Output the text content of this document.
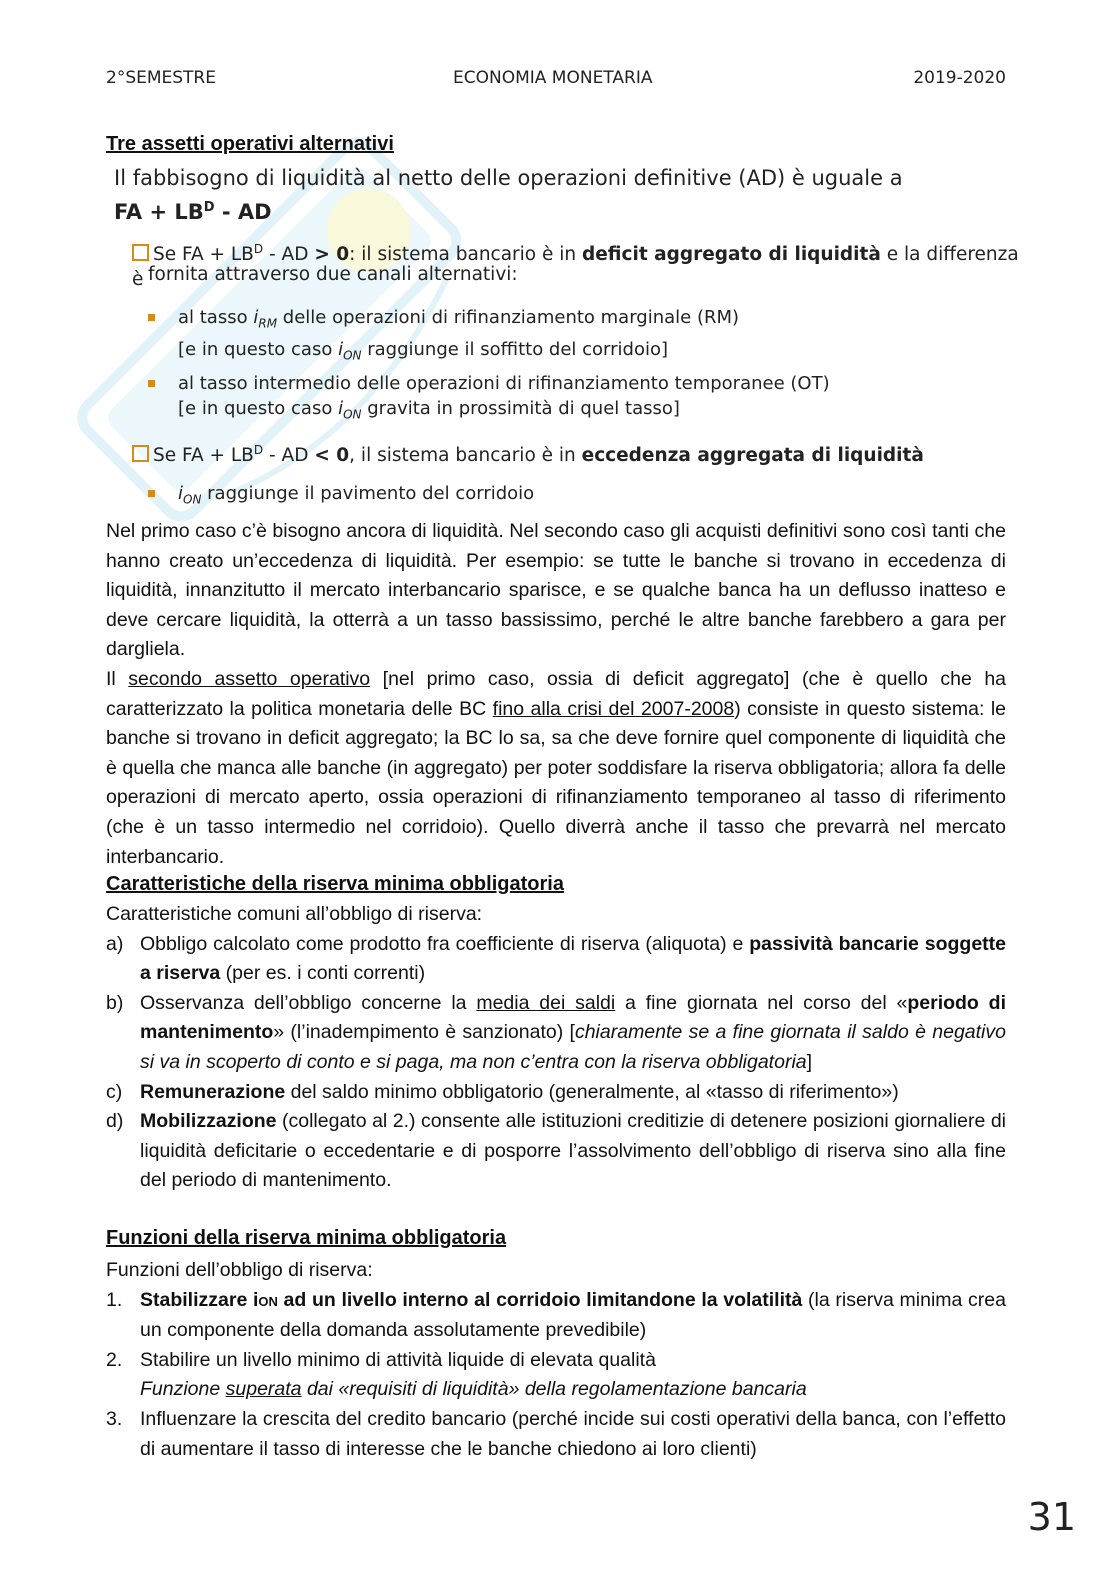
2°SEMESTRE	ECONOMIA MONETARIA	2019-2020
Tre assetti operativi alternativi
Il fabbisogno di liquidità al netto delle operazioni definitive (AD) è uguale a
FA + $LB^D$ - AD
Se FA + $LB^D$ - AD > 0: il sistema bancario è in deficit aggregato di liquidità e la differenza è fornita attraverso due canali alternativi:
al tasso $i_{RM}$ delle operazioni di rifinanziamento marginale (RM)
[e in questo caso $i_{ON}$ raggiunge il soffitto del corridoio]
al tasso intermedio delle operazioni di rifinanziamento temporanee (OT)
[e in questo caso $i_{ON}$ gravita in prossimità di quel tasso]
Se FA + $LB^D$ - AD < 0, il sistema bancario è in eccedenza aggregata di liquidità
$i_{ON}$ raggiunge il pavimento del corridoio

Nel primo caso c’è bisogno ancora di liquidità. Nel secondo caso gli acquisti definitivi sono così tanti che hanno creato un’eccedenza di liquidità. Per esempio: se tutte le banche si trovano in eccedenza di liquidità, innanzitutto il mercato interbancario sparisce, e se qualche banca ha un deflusso inatteso e deve cercare liquidità, la otterrà a un tasso bassissimo, perché le altre banche farebbero a gara per dargliela.

Il secondo assetto operativo [nel primo caso, ossia di deficit aggregato] (che è quello che ha caratterizzato la politica monetaria delle BC fino alla crisi del 2007-2008) consiste in questo sistema: le banche si trovano in deficit aggregato; la BC lo sa, sa che deve fornire quel componente di liquidità che è quella che manca alle banche (in aggregato) per poter soddisfare la riserva obbligatoria; allora fa delle operazioni di mercato aperto, ossia operazioni di rifinanziamento temporaneo al tasso di riferimento (che è un tasso intermedio nel corridoio). Quello diverrà anche il tasso che prevarrà nel mercato interbancario.

Caratteristiche della riserva minima obbligatoria
Caratteristiche comuni all’obbligo di riserva:
a) Obbligo calcolato come prodotto fra coefficiente di riserva (aliquota) e passività bancarie soggette a riserva (per es. i conti correnti)
b) Osservanza dell’obbligo concerne la media dei saldi a fine giornata nel corso del «periodo di mantenimento» (l’inadempimento è sanzionato) [chiaramente se a fine giornata il saldo è negativo si va in scoperto di conto e si paga, ma non c’entra con la riserva obbligatoria]
c) Remunerazione del saldo minimo obbligatorio (generalmente, al «tasso di riferimento»)
d) Mobilizzazione (collegato al 2.) consente alle istituzioni creditizie di detenere posizioni giornaliere di liquidità deficitarie o eccedentarie e di posporre l’assolvimento dell’obbligo di riserva sino alla fine del periodo di mantenimento.
Funzioni della riserva minima obbligatoria
Funzioni dell’obbligo di riserva:
1. Stabilizzare iON ad un livello interno al corridoio limitandone la volatilità (la riserva minima crea un componente della domanda assolutamente prevedibile)
2. Stabilire un livello minimo di attività liquide di elevata qualità
Funzione superata dai «requisiti di liquidità» della regolamentazione bancaria
3. Influenzare la crescita del credito bancario (perché incide sui costi operativi della banca, con l’effetto di aumentare il tasso di interesse che le banche chiedono ai loro clienti)
31
